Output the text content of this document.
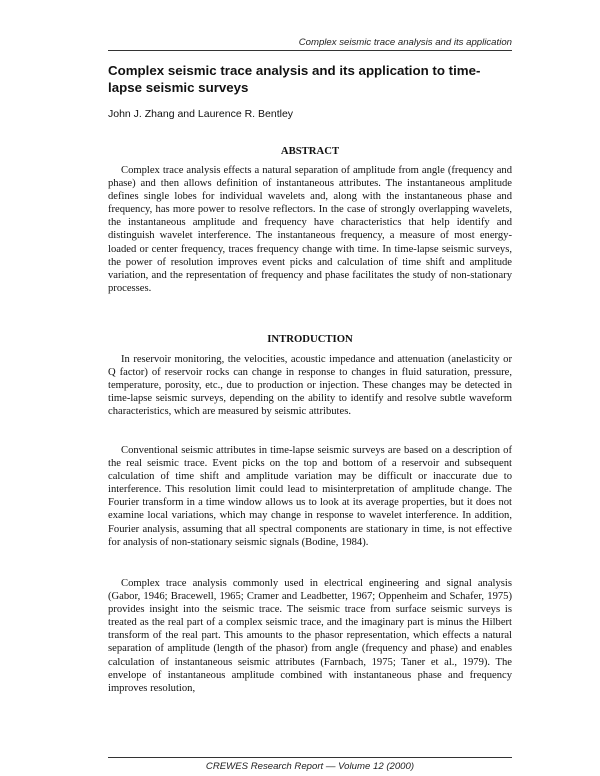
Complex seismic trace analysis and its application
Complex seismic trace analysis and its application to time-lapse seismic surveys
John J. Zhang and Laurence R. Bentley
ABSTRACT

Complex trace analysis effects a natural separation of amplitude from angle (frequency and phase) and then allows definition of instantaneous attributes. The instantaneous amplitude defines single lobes for individual wavelets and, along with the instantaneous phase and frequency, has more power to resolve reflectors. In the case of strongly overlapping wavelets, the instantaneous amplitude and frequency have characteristics that help identify and distinguish wavelet interference. The instantaneous frequency, a measure of most energy-loaded or center frequency, traces frequency change with time. In time-lapse seismic surveys, the power of resolution improves event picks and calculation of time shift and amplitude variation, and the representation of frequency and phase facilitates the study of non-stationary processes.

INTRODUCTION

In reservoir monitoring, the velocities, acoustic impedance and attenuation (anelasticity or Q factor) of reservoir rocks can change in response to changes in fluid saturation, pressure, temperature, porosity, etc., due to production or injection. These changes may be detected in time-lapse seismic surveys, depending on the ability to identify and resolve subtle waveform characteristics, which are measured by seismic attributes.

Conventional seismic attributes in time-lapse seismic surveys are based on a description of the real seismic trace. Event picks on the top and bottom of a reservoir and subsequent calculation of time shift and amplitude variation may be difficult or inaccurate due to interference. This resolution limit could lead to misinterpretation of amplitude change. The Fourier transform in a time window allows us to look at its average properties, but it does not examine local variations, which may change in response to wavelet interference. In addition, Fourier analysis, assuming that all spectral components are stationary in time, is not effective for analysis of non-stationary seismic signals (Bodine, 1984).

Complex trace analysis commonly used in electrical engineering and signal analysis (Gabor, 1946; Bracewell, 1965; Cramer and Leadbetter, 1967; Oppenheim and Schafer, 1975) provides insight into the seismic trace. The seismic trace from surface seismic surveys is treated as the real part of a complex seismic trace, and the imaginary part is minus the Hilbert transform of the real part. This amounts to the phasor representation, which effects a natural separation of amplitude (length of the phasor) from angle (frequency and phase) and enables calculation of instantaneous seismic attributes (Farnbach, 1975; Taner et al., 1979). The envelope of instantaneous amplitude combined with instantaneous phase and frequency improves resolution,

CREWES Research Report — Volume 12 (2000)
